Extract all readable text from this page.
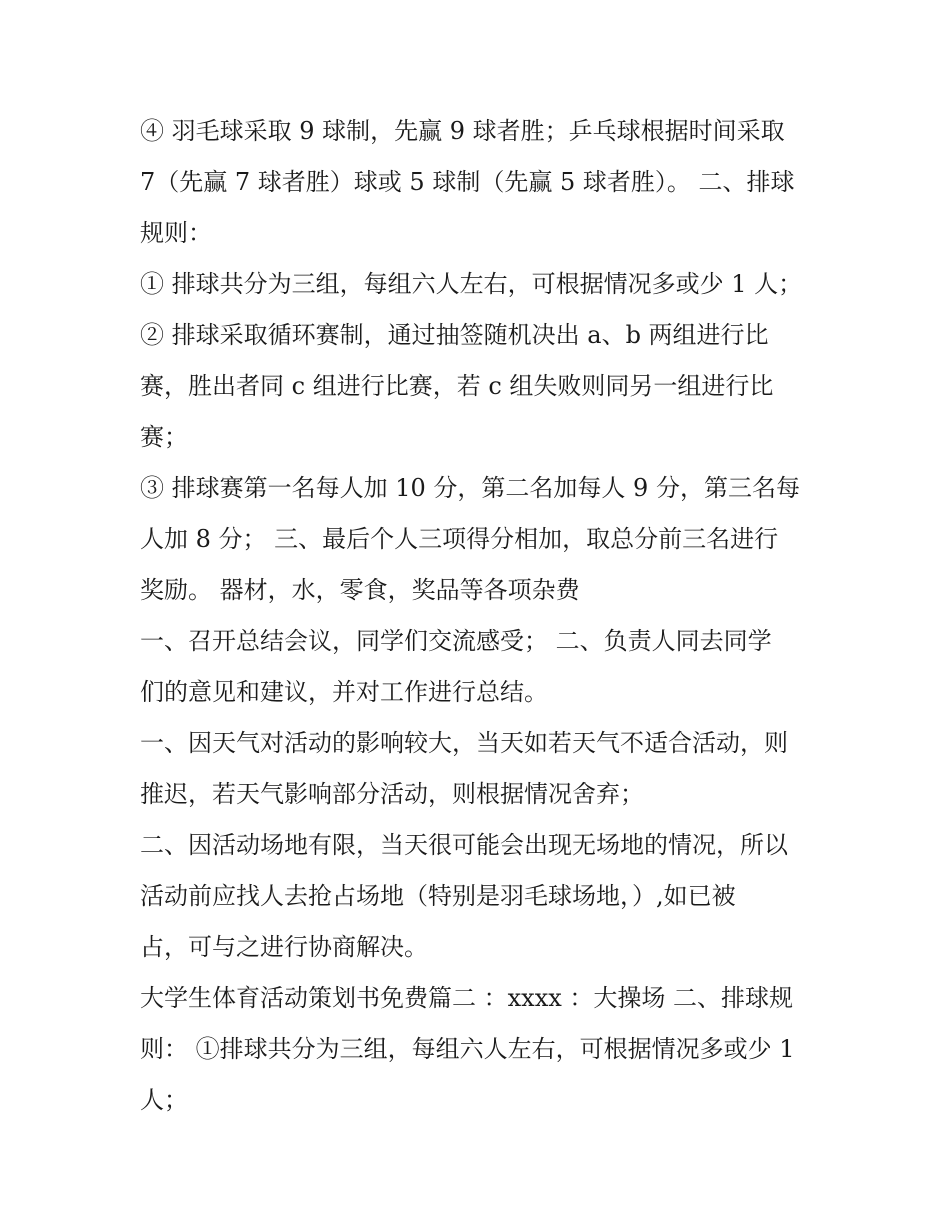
④ 羽毛球采取 9 球制，先赢 9 球者胜；乒乓球根据时间采取
7（先赢 7 球者胜）球或 5 球制（先赢 5 球者胜）。 二、排球
规则：
① 排球共分为三组，每组六人左右，可根据情况多或少 1 人；
② 排球采取循环赛制，通过抽签随机决出 a、b 两组进行比
赛，胜出者同 c 组进行比赛，若 c 组失败则同另一组进行比
赛；
③ 排球赛第一名每人加 10 分，第二名加每人 9 分，第三名每
人加 8 分； 三、最后个人三项得分相加，取总分前三名进行
奖励。 器材，水，零食，奖品等各项杂费
一、召开总结会议，同学们交流感受； 二、负责人同去同学
们的意见和建议，并对工作进行总结。
一、因天气对活动的影响较大，当天如若天气不适合活动，则
推迟，若天气影响部分活动，则根据情况舍弃；
二、因活动场地有限，当天很可能会出现无场地的情况，所以
活动前应找人去抢占场地（特别是羽毛球场地，）,如已被
占，可与之进行协商解决。
大学生体育活动策划书免费篇二 ：xxxx ：大操场 二、排球规
则： ①排球共分为三组，每组六人左右，可根据情况多或少 1
人；
